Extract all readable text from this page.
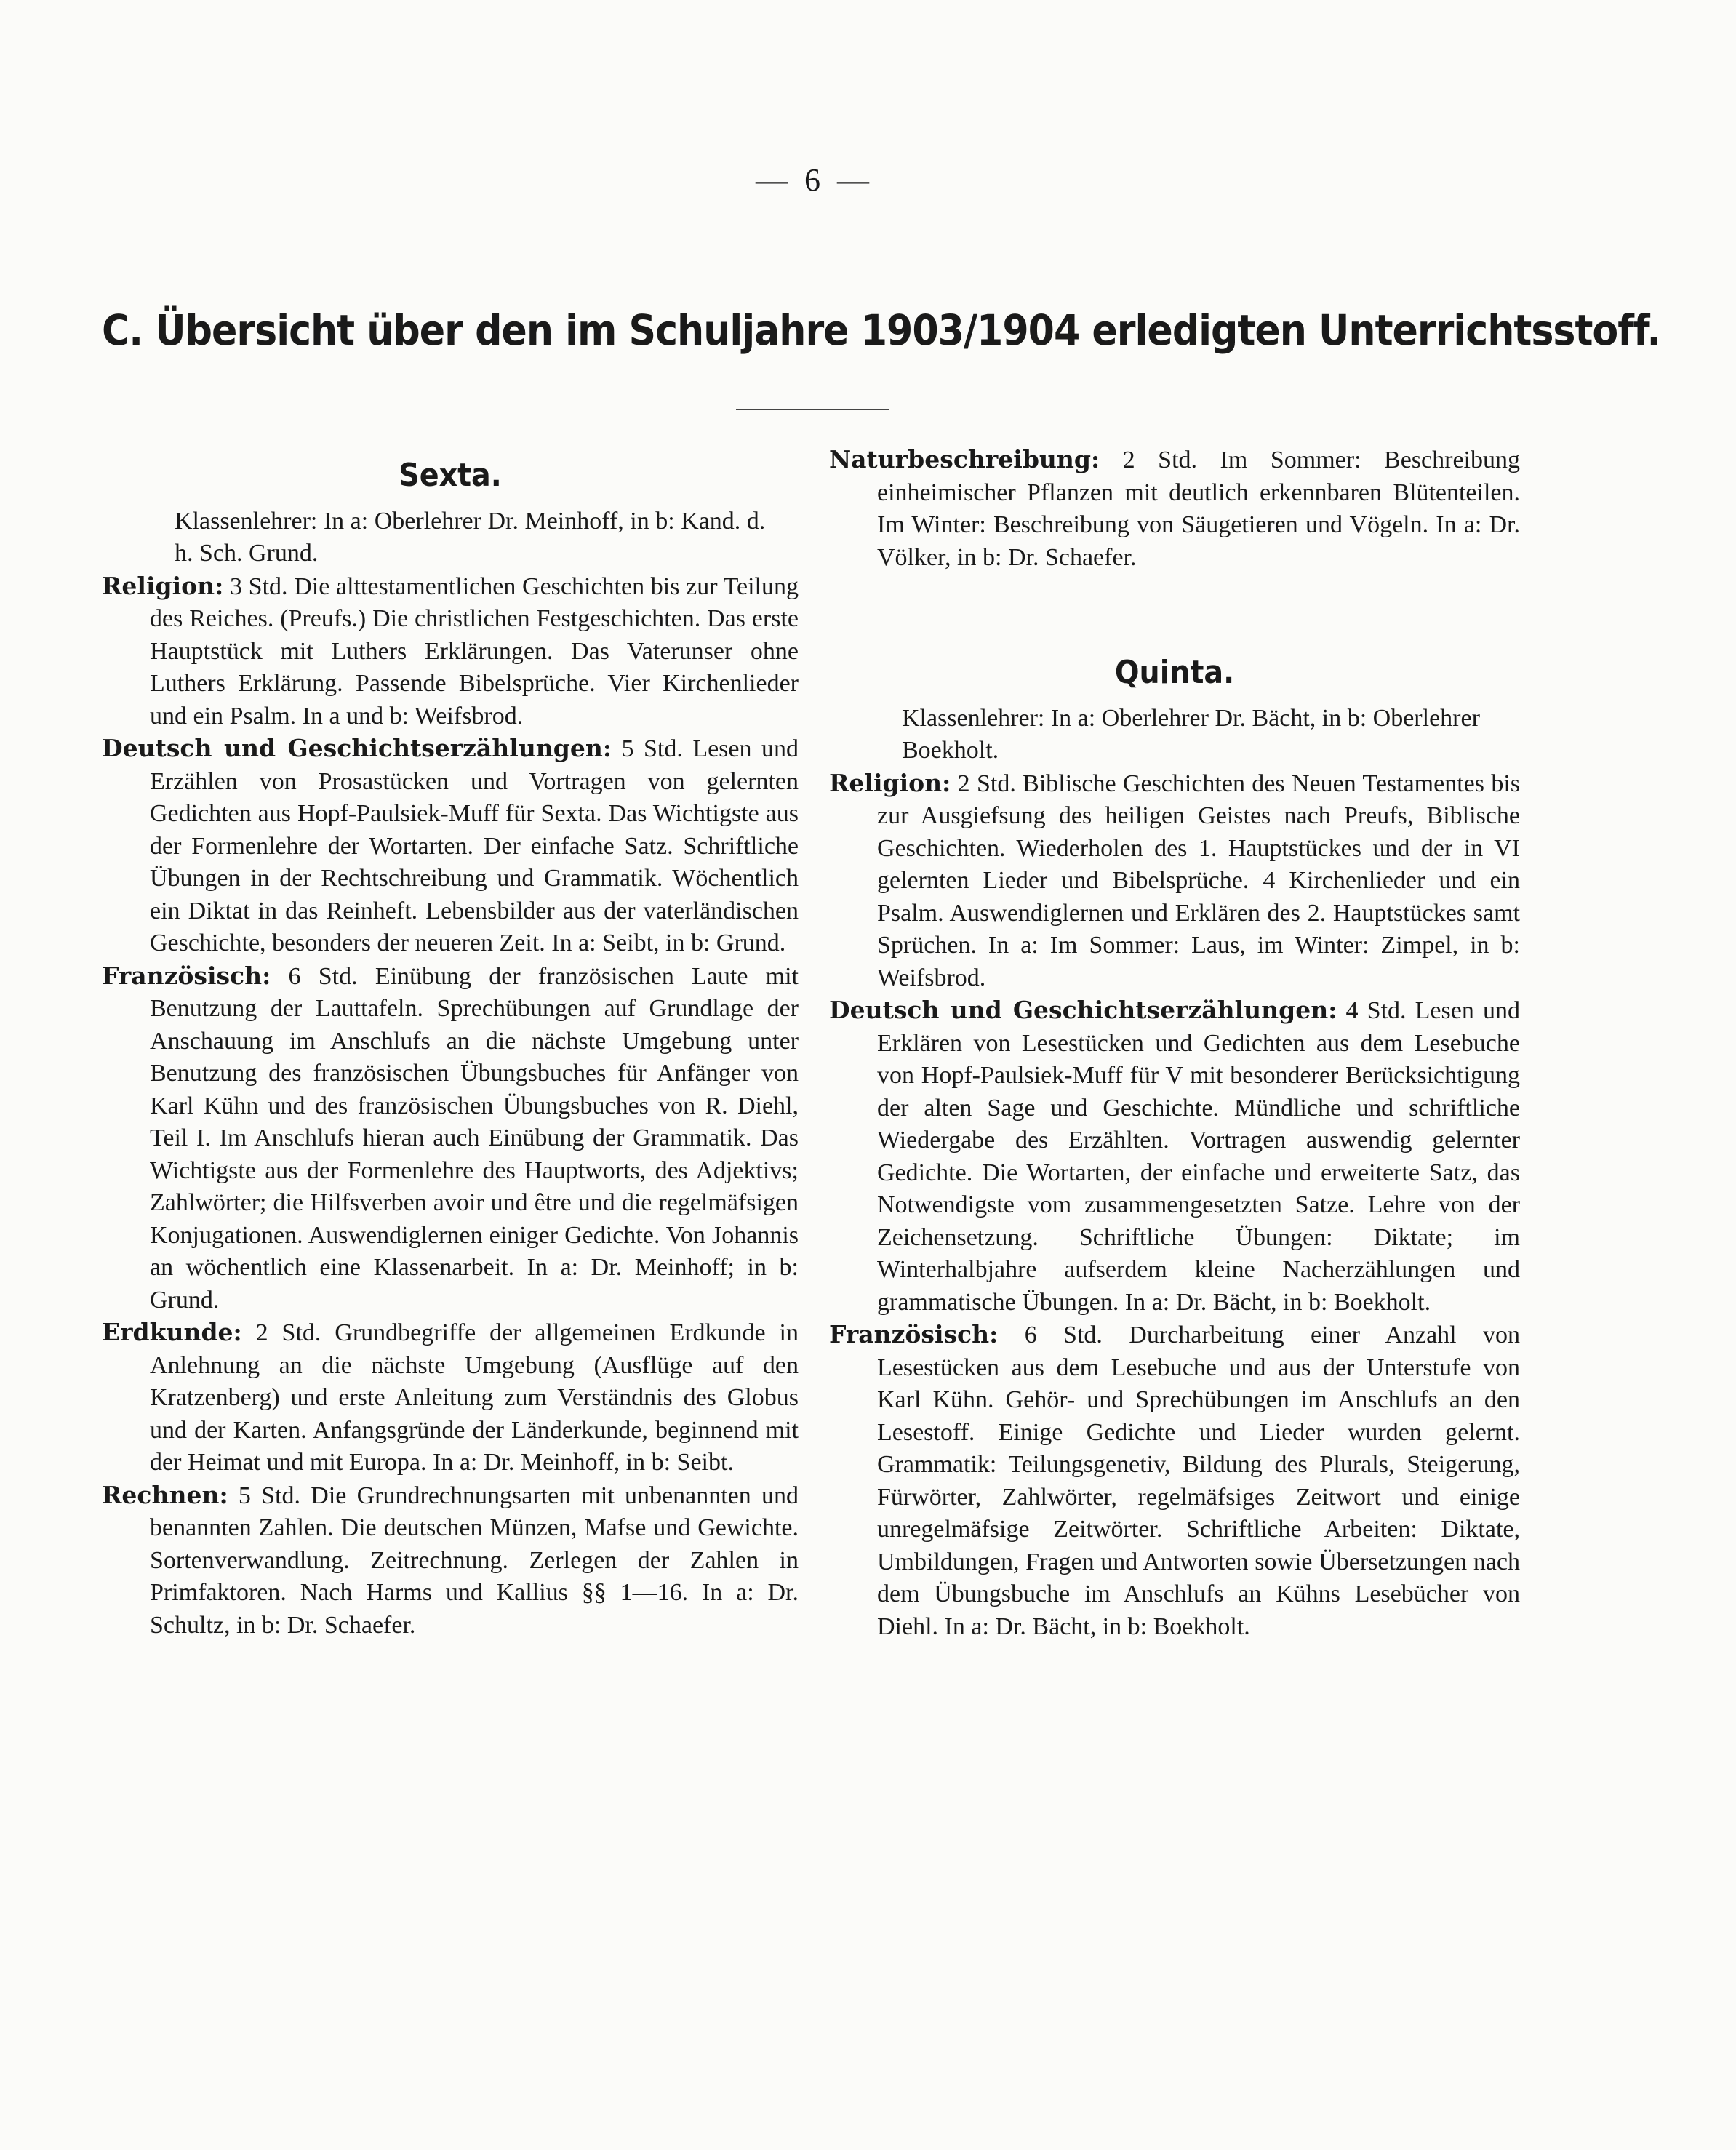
— 6 —
C. Übersicht über den im Schuljahre 1903/1904 erledigten Unterrichtsstoff.
Sexta.
Klassenlehrer: In a: Oberlehrer Dr. Meinhoff, in b: Kand. d. h. Sch. Grund.

Religion: 3 Std. Die alttestamentlichen Geschichten bis zur Teilung des Reiches. (Preufs.) Die christlichen Festgeschichten. Das erste Hauptstück mit Luthers Erklärungen. Das Vaterunser ohne Luthers Erklärung. Passende Bibelsprüche. Vier Kirchenlieder und ein Psalm. In a und b: Weifsbrod.

Deutsch und Geschichtserzählungen: 5 Std. Lesen und Erzählen von Prosastücken und Vortragen von gelernten Gedichten aus Hopf-Paulsiek-Muff für Sexta. Das Wichtigste aus der Formenlehre der Wortarten. Der einfache Satz. Schriftliche Übungen in der Rechtschreibung und Grammatik. Wöchentlich ein Diktat in das Reinheft. Lebensbilder aus der vaterländischen Geschichte, besonders der neueren Zeit. In a: Seibt, in b: Grund.

Französisch: 6 Std. Einübung der französischen Laute mit Benutzung der Lauttafeln. Sprechübungen auf Grundlage der Anschauung im Anschlufs an die nächste Umgebung unter Benutzung des französischen Übungsbuches für Anfänger von Karl Kühn und des französischen Übungsbuches von R. Diehl, Teil I. Im Anschlufs hieran auch Einübung der Grammatik. Das Wichtigste aus der Formenlehre des Hauptworts, des Adjektivs; Zahlwörter; die Hilfsverben avoir und être und die regelmäfsigen Konjugationen. Auswendiglernen einiger Gedichte. Von Johannis an wöchentlich eine Klassenarbeit. In a: Dr. Meinhoff; in b: Grund.

Erdkunde: 2 Std. Grundbegriffe der allgemeinen Erdkunde in Anlehnung an die nächste Umgebung (Ausflüge auf den Kratzenberg) und erste Anleitung zum Verständnis des Globus und der Karten. Anfangsgründe der Länderkunde, beginnend mit der Heimat und mit Europa. In a: Dr. Meinhoff, in b: Seibt.

Rechnen: 5 Std. Die Grundrechnungsarten mit unbenannten und benannten Zahlen. Die deutschen Münzen, Mafse und Gewichte. Sortenverwandlung. Zeitrechnung. Zerlegen der Zahlen in Primfaktoren. Nach Harms und Kallius §§ 1—16. In a: Dr. Schultz, in b: Dr. Schaefer.

Naturbeschreibung: 2 Std. Im Sommer: Beschreibung einheimischer Pflanzen mit deutlich erkennbaren Blütenteilen. Im Winter: Beschreibung von Säugetieren und Vögeln. In a: Dr. Völker, in b: Dr. Schaefer.

Quinta.
Klassenlehrer: In a: Oberlehrer Dr. Bächt, in b: Oberlehrer Boekholt.

Religion: 2 Std. Biblische Geschichten des Neuen Testamentes bis zur Ausgiefsung des heiligen Geistes nach Preufs, Biblische Geschichten. Wiederholen des 1. Hauptstückes und der in VI gelernten Lieder und Bibelsprüche. 4 Kirchenlieder und ein Psalm. Auswendiglernen und Erklären des 2. Hauptstückes samt Sprüchen. In a: Im Sommer: Laus, im Winter: Zimpel, in b: Weifsbrod.

Deutsch und Geschichtserzählungen: 4 Std. Lesen und Erklären von Lesestücken und Gedichten aus dem Lesebuche von Hopf-Paulsiek-Muff für V mit besonderer Berücksichtigung der alten Sage und Geschichte. Mündliche und schriftliche Wiedergabe des Erzählten. Vortragen auswendig gelernter Gedichte. Die Wortarten, der einfache und erweiterte Satz, das Notwendigste vom zusammengesetzten Satze. Lehre von der Zeichensetzung. Schriftliche Übungen: Diktate; im Winterhalbjahre aufserdem kleine Nacherzählungen und grammatische Übungen. In a: Dr. Bächt, in b: Boekholt.

Französisch: 6 Std. Durcharbeitung einer Anzahl von Lesestücken aus dem Lesebuche und aus der Unterstufe von Karl Kühn. Gehör- und Sprechübungen im Anschlufs an den Lesestoff. Einige Gedichte und Lieder wurden gelernt. Grammatik: Teilungsgenetiv, Bildung des Plurals, Steigerung, Fürwörter, Zahlwörter, regelmäfsiges Zeitwort und einige unregelmäfsige Zeitwörter. Schriftliche Arbeiten: Diktate, Umbildungen, Fragen und Antworten sowie Übersetzungen nach dem Übungsbuche im Anschlufs an Kühns Lesebücher von Diehl. In a: Dr. Bächt, in b: Boekholt.
